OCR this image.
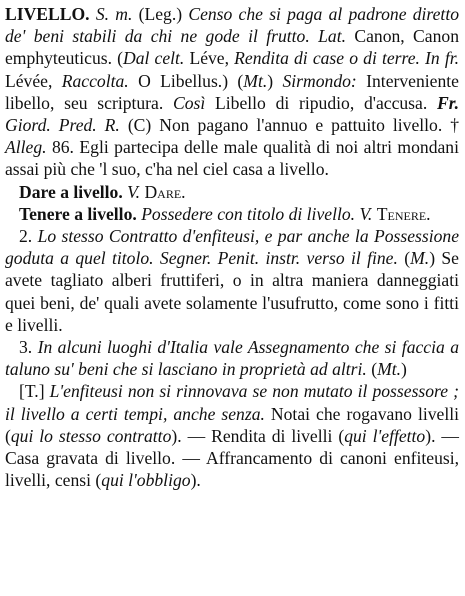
LIVELLO. S. m. (Leg.) Censo che si paga al padrone diretto de' beni stabili da chi ne gode il frutto. Lat. Canon, Canon emphyteuticus. (Dal celt. Léve, Rendita di case o di terre. In fr. Lévée, Raccolta. O Libellus.) (Mt.) Sirmondo: Interveniente libello, seu scriptura. Così Libello di ripudio, d'accusa. Fr. Giord. Pred. R. (C) Non pagano l'annuo e pattuito livello. † Alleg. 86. Egli partecipa delle male qualità di noi altri mondani assai più che 'l suo, c'ha nel ciel casa a livello.

Dare a livello. V. Dare.

Tenere a livello. Possedere con titolo di livello. V. Tenere.

2. Lo stesso Contratto d'enfiteusi, e par anche la Possessione goduta a quel titolo. Segner. Penit. instr. verso il fine. (M.) Se avete tagliato alberi fruttiferi, o in altra maniera danneggiati quei beni, de' quali avete solamente l'usufrutto, come sono i fitti e livelli.

3. In alcuni luoghi d'Italia vale Assegnamento che si faccia a taluno su' beni che si lasciano in proprietà ad altri. (Mt.)

[T.] L'enfiteusi non si rinnovava se non mutato il possessore ; il livello a certi tempi, anche senza. Notai che rogavano livelli (qui lo stesso contratto). — Rendita di livelli (qui l'effetto). — Casa gravata di livello. — Affrancamento di canoni enfiteusi, livelli, censi (qui l'obbligo).
